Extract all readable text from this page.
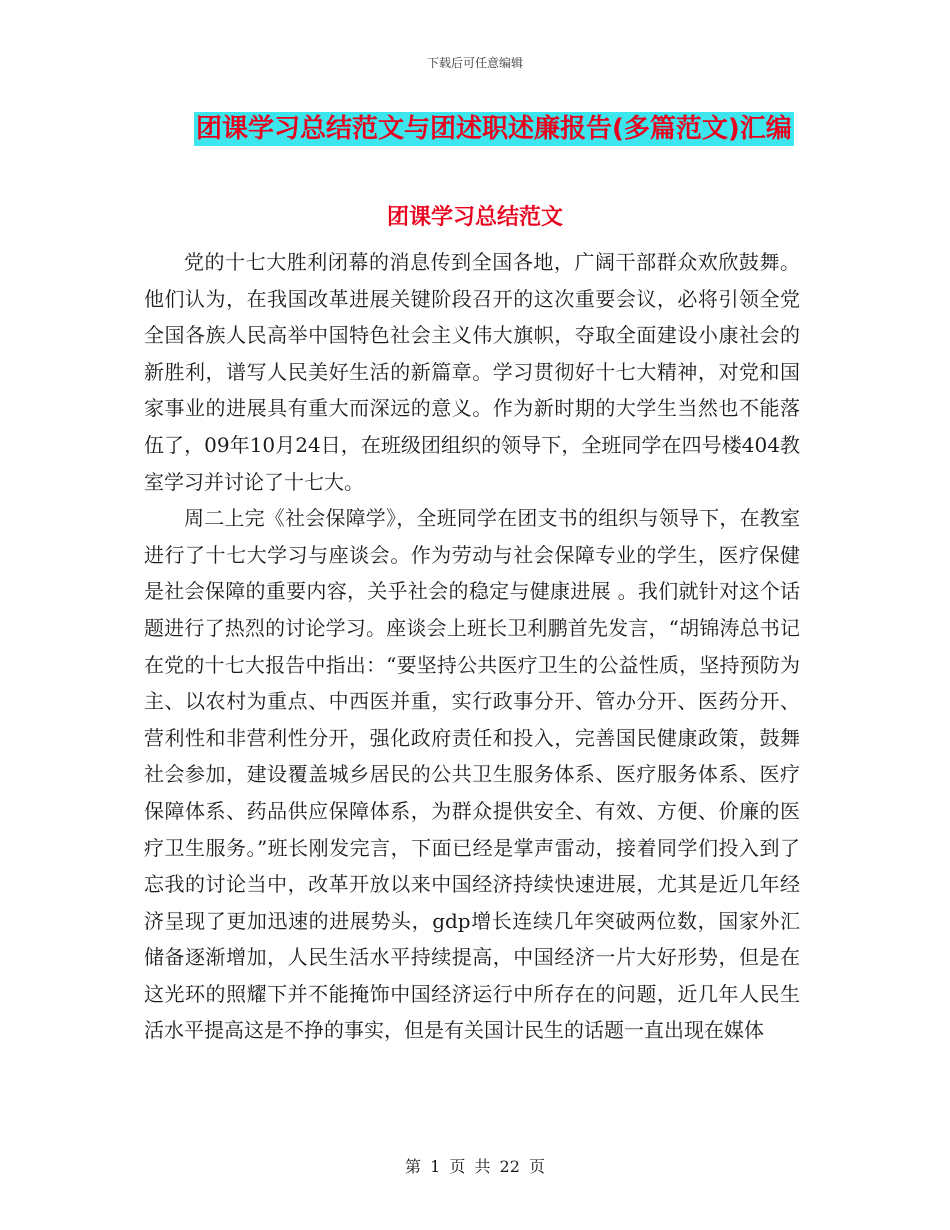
下载后可任意编辑
团课学习总结范文与团述职述廉报告(多篇范文)汇编
团课学习总结范文

党的十七大胜利闭幕的消息传到全国各地，广阔干部群众欢欣鼓舞。他们认为，在我国改革进展关键阶段召开的这次重要会议，必将引领全党全国各族人民高举中国特色社会主义伟大旗帜，夺取全面建设小康社会的新胜利，谱写人民美好生活的新篇章。学习贯彻好十七大精神，对党和国家事业的进展具有重大而深远的意义。作为新时期的大学生当然也不能落伍了，09年10月24日，在班级团组织的领导下，全班同学在四号楼404教室学习并讨论了十七大。

周二上完《社会保障学》，全班同学在团支书的组织与领导下，在教室进行了十七大学习与座谈会。作为劳动与社会保障专业的学生，医疗保健是社会保障的重要内容，关乎社会的稳定与健康进展 。我们就针对这个话题进行了热烈的讨论学习。座谈会上班长卫利鹏首先发言，“胡锦涛总书记在党的十七大报告中指出：“要坚持公共医疗卫生的公益性质，坚持预防为主、以农村为重点、中西医并重，实行政事分开、管办分开、医药分开、营利性和非营利性分开，强化政府责任和投入，完善国民健康政策，鼓舞社会参加，建设覆盖城乡居民的公共卫生服务体系、医疗服务体系、医疗保障体系、药品供应保障体系，为群众提供安全、有效、方便、价廉的医疗卫生服务。”班长刚发完言，下面已经是掌声雷动，接着同学们投入到了忘我的讨论当中，改革开放以来中国经济持续快速进展，尤其是近几年经济呈现了更加迅速的进展势头，gdp增长连续几年突破两位数，国家外汇储备逐渐增加，人民生活水平持续提高，中国经济一片大好形势，但是在这光环的照耀下并不能掩饰中国经济运行中所存在的问题，近几年人民生活水平提高这是不挣的事实，但是有关国计民生的话题一直出现在媒体

第 1 页 共 22 页
